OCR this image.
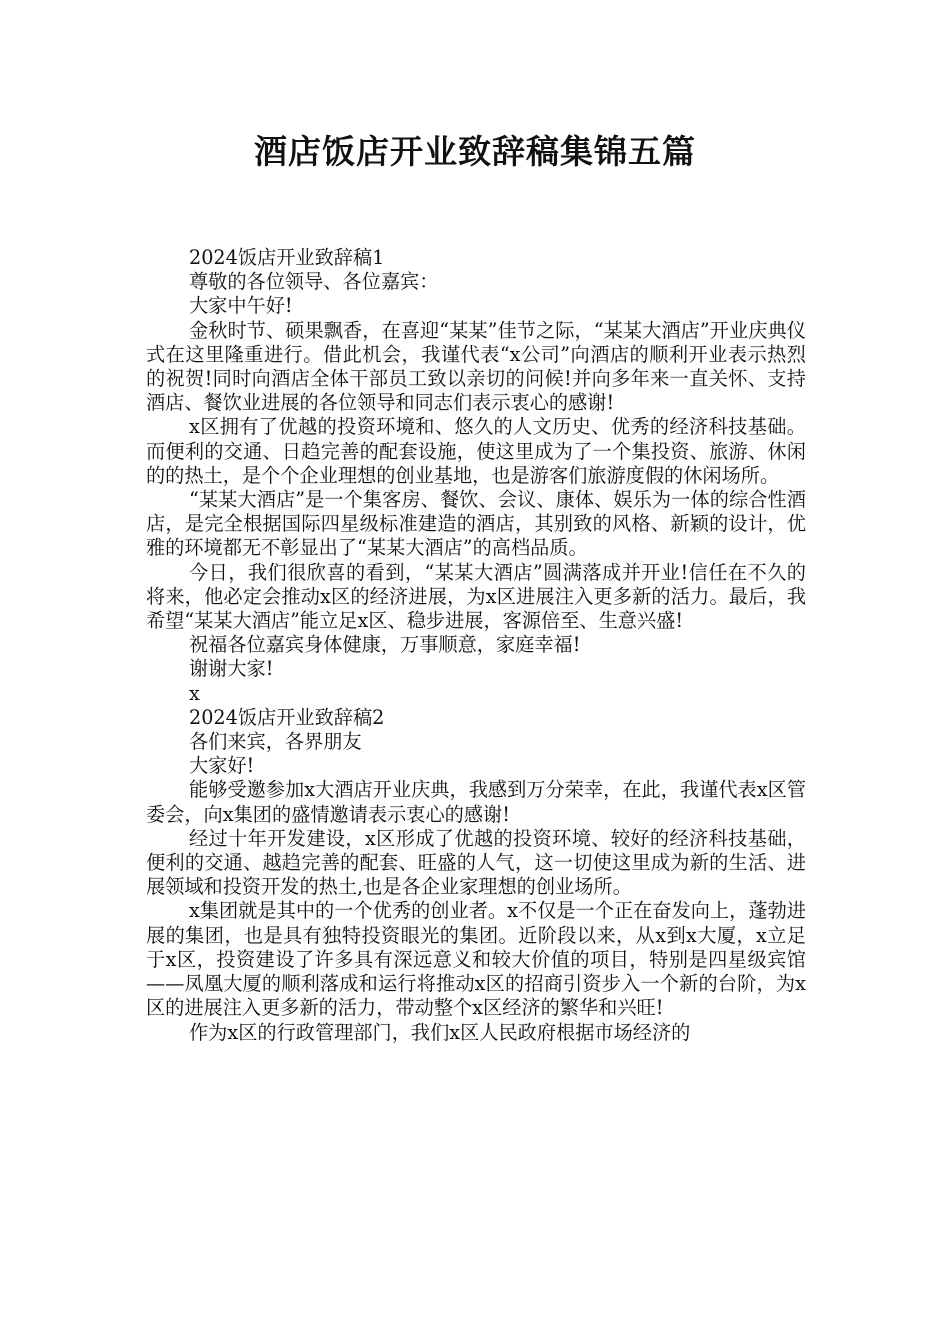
酒店饭店开业致辞稿集锦五篇

2024饭店开业致辞稿1

尊敬的各位领导、各位嘉宾：

大家中午好!

金秋时节、硕果飘香，在喜迎“某某”佳节之际，“某某大酒店”开业庆典仪式在这里隆重进行。借此机会，我谨代表“x公司”向酒店的顺利开业表示热烈的祝贺!同时向酒店全体干部员工致以亲切的问候!并向多年来一直关怀、支持酒店、餐饮业进展的各位领导和同志们表示衷心的感谢!

x区拥有了优越的投资环境和、悠久的人文历史、优秀的经济科技基础。而便利的交通、日趋完善的配套设施，使这里成为了一个集投资、旅游、休闲的的热土，是个个企业理想的创业基地，也是游客们旅游度假的休闲场所。

“某某大酒店”是一个集客房、餐饮、会议、康体、娱乐为一体的综合性酒店，是完全根据国际四星级标准建造的酒店，其别致的风格、新颖的设计，优雅的环境都无不彰显出了“某某大酒店”的高档品质。

今日，我们很欣喜的看到，“某某大酒店”圆满落成并开业!信任在不久的将来，他必定会推动x区的经济进展，为x区进展注入更多新的活力。最后，我希望“某某大酒店”能立足x区、稳步进展，客源倍至、生意兴盛!

祝福各位嘉宾身体健康，万事顺意，家庭幸福!

谢谢大家!

x

2024饭店开业致辞稿2

各们来宾，各界朋友

大家好!

能够受邀参加x大酒店开业庆典，我感到万分荣幸，在此，我谨代表x区管委会，向x集团的盛情邀请表示衷心的感谢!

经过十年开发建设，x区形成了优越的投资环境、较好的经济科技基础，便利的交通、越趋完善的配套、旺盛的人气，这一切使这里成为新的生活、进展领域和投资开发的热土,也是各企业家理想的创业场所。

x集团就是其中的一个优秀的创业者。x不仅是一个正在奋发向上，蓬勃进展的集团，也是具有独特投资眼光的集团。近阶段以来，从x到x大厦，x立足于x区，投资建设了许多具有深远意义和较大价值的项目，特别是四星级宾馆——凤凰大厦的顺利落成和运行将推动x区的招商引资步入一个新的台阶，为x区的进展注入更多新的活力，带动整个x区经济的繁华和兴旺!

作为x区的行政管理部门，我们x区人民政府根据市场经济的
